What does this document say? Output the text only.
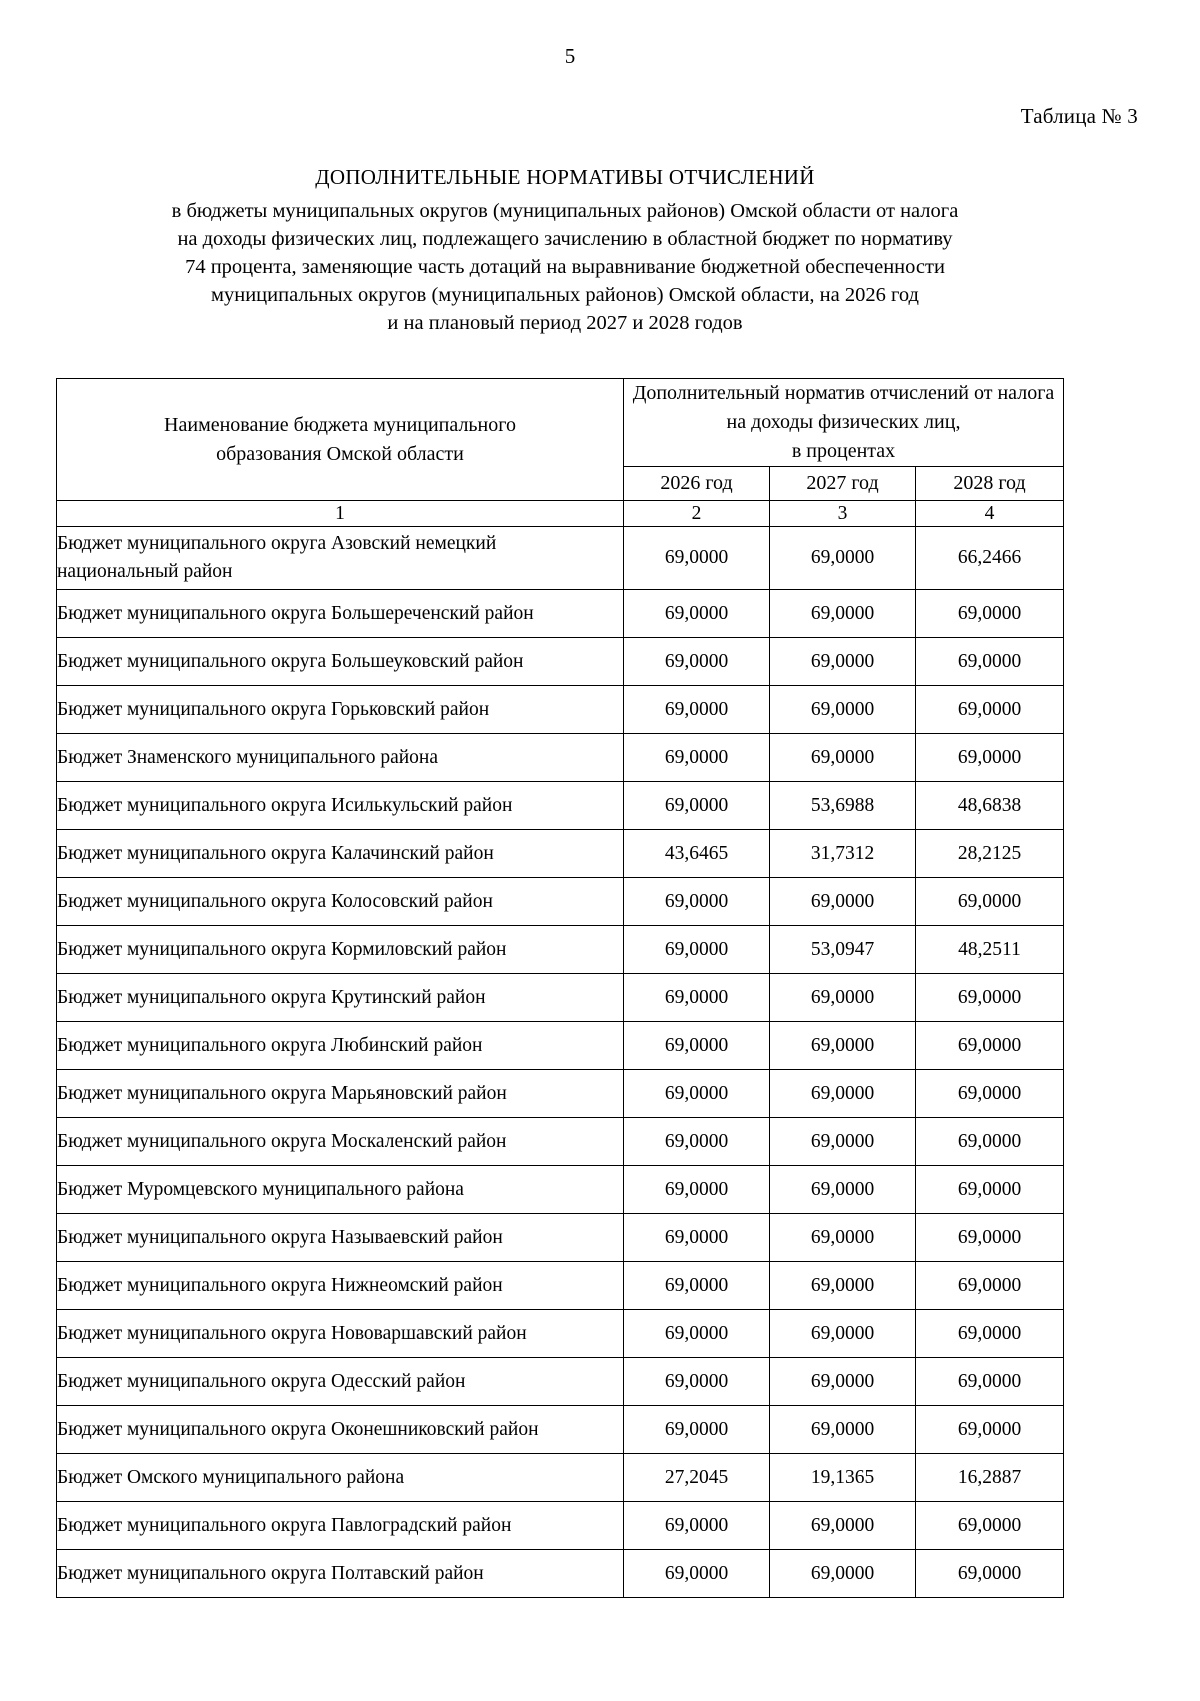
5
Таблица № 3
ДОПОЛНИТЕЛЬНЫЕ НОРМАТИВЫ ОТЧИСЛЕНИЙ
в бюджеты муниципальных округов (муниципальных районов) Омской области от налога
на доходы физических лиц, подлежащего зачислению в областной бюджет по нормативу
74 процента, заменяющие часть дотаций на выравнивание бюджетной обеспеченности
муниципальных округов (муниципальных районов) Омской области, на 2026 год
и на плановый период 2027 и 2028 годов
Наименование бюджета муниципального
образования Омской области

Дополнительный норматив отчислений от налога
на доходы физических лиц,
в процентах

	2026 год	2027 год	2028 год
1	2	3	4

Бюджет муниципального округа Азовский немецкий
национальный район	69,0000	69,0000	66,2466

Бюджет муниципального округа Большереченский район	69,0000	69,0000	69,0000

Бюджет муниципального округа Большеуковский район	69,0000	69,0000	69,0000

Бюджет муниципального округа Горьковский район	69,0000	69,0000	69,0000

Бюджет Знаменского муниципального района	69,0000	69,0000	69,0000

Бюджет муниципального округа Исилькульский район	69,0000	53,6988	48,6838

Бюджет муниципального округа Калачинский район	43,6465	31,7312	28,2125

Бюджет муниципального округа Колосовский район	69,0000	69,0000	69,0000

Бюджет муниципального округа Кормиловский район	69,0000	53,0947	48,2511

Бюджет муниципального округа Крутинский район	69,0000	69,0000	69,0000

Бюджет муниципального округа Любинский район	69,0000	69,0000	69,0000

Бюджет муниципального округа Марьяновский район	69,0000	69,0000	69,0000

Бюджет муниципального округа Москаленский район	69,0000	69,0000	69,0000

Бюджет Муромцевского муниципального района	69,0000	69,0000	69,0000

Бюджет муниципального округа Называевский район	69,0000	69,0000	69,0000

Бюджет муниципального округа Нижнеомский район	69,0000	69,0000	69,0000

Бюджет муниципального округа Нововаршавский район	69,0000	69,0000	69,0000

Бюджет муниципального округа Одесский район	69,0000	69,0000	69,0000

Бюджет муниципального округа Оконешниковский район	69,0000	69,0000	69,0000

Бюджет Омского муниципального района	27,2045	19,1365	16,2887

Бюджет муниципального округа Павлоградский район	69,0000	69,0000	69,0000

Бюджет муниципального округа Полтавский район	69,0000	69,0000	69,0000
